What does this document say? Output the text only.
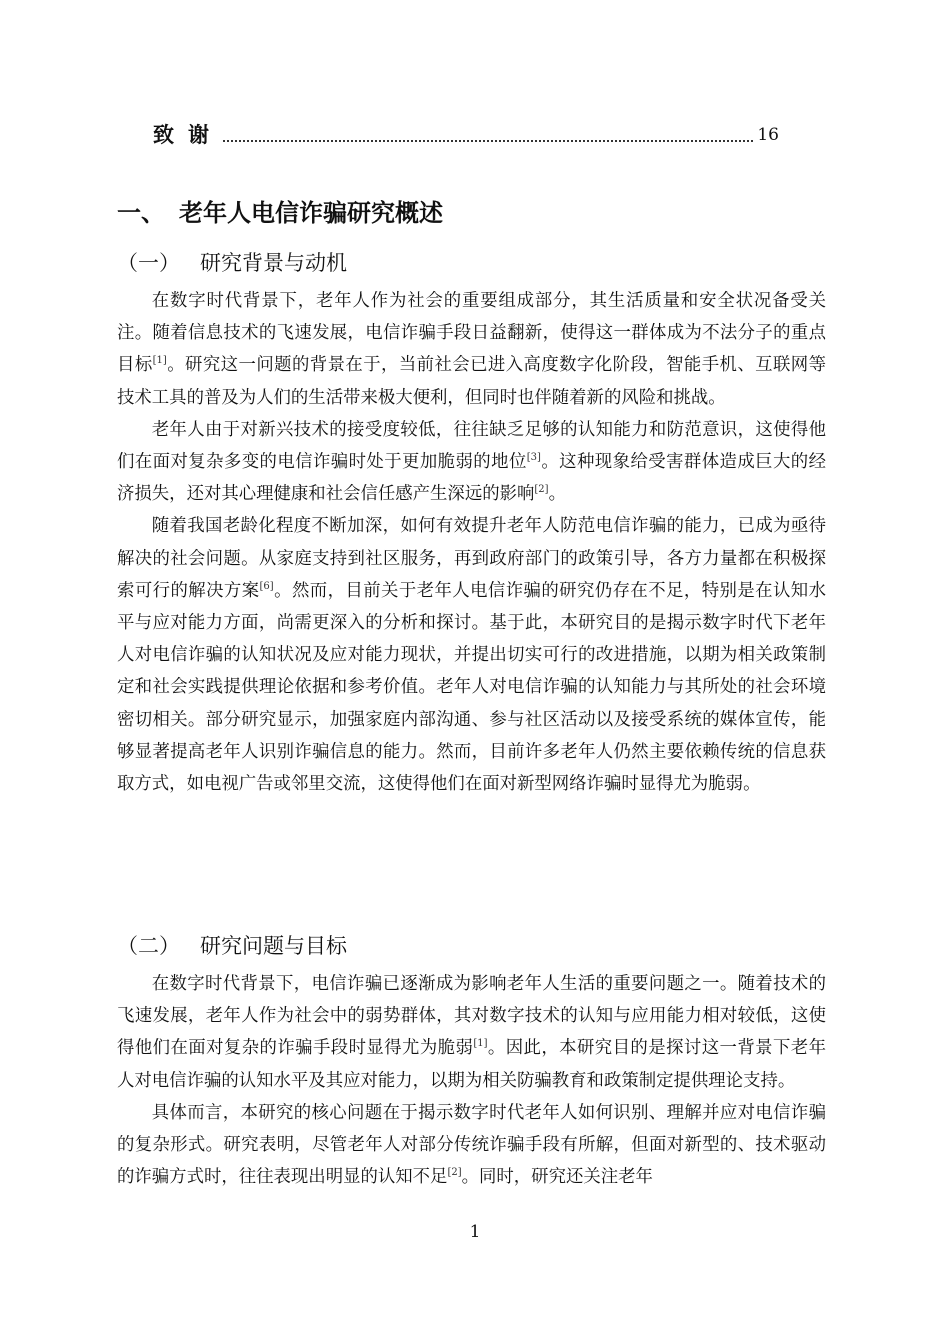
致谢	16
一、 老年人电信诈骗研究概述
（一） 研究背景与动机

在数字时代背景下，老年人作为社会的重要组成部分，其生活质量和安全状况备受关注。随着信息技术的飞速发展，电信诈骗手段日益翻新，使得这一群体成为不法分子的重点目标[1]。研究这一问题的背景在于，当前社会已进入高度数字化阶段，智能手机、互联网等技术工具的普及为人们的生活带来极大便利，但同时也伴随着新的风险和挑战。

老年人由于对新兴技术的接受度较低，往往缺乏足够的认知能力和防范意识，这使得他们在面对复杂多变的电信诈骗时处于更加脆弱的地位[3]。这种现象给受害群体造成巨大的经济损失，还对其心理健康和社会信任感产生深远的影响[2]。

随着我国老龄化程度不断加深，如何有效提升老年人防范电信诈骗的能力，已成为亟待解决的社会问题。从家庭支持到社区服务，再到政府部门的政策引导，各方力量都在积极探索可行的解决方案[6]。然而，目前关于老年人电信诈骗的研究仍存在不足，特别是在认知水平与应对能力方面，尚需更深入的分析和探讨。基于此，本研究目的是揭示数字时代下老年人对电信诈骗的认知状况及应对能力现状，并提出切实可行的改进措施，以期为相关政策制定和社会实践提供理论依据和参考价值。老年人对电信诈骗的认知能力与其所处的社会环境密切相关。部分研究显示，加强家庭内部沟通、参与社区活动以及接受系统的媒体宣传，能够显著提高老年人识别诈骗信息的能力。然而，目前许多老年人仍然主要依赖传统的信息获取方式，如电视广告或邻里交流，这使得他们在面对新型网络诈骗时显得尤为脆弱。

（二） 研究问题与目标

在数字时代背景下，电信诈骗已逐渐成为影响老年人生活的重要问题之一。随着技术的飞速发展，老年人作为社会中的弱势群体，其对数字技术的认知与应用能力相对较低，这使得他们在面对复杂的诈骗手段时显得尤为脆弱[1]。因此，本研究目的是探讨这一背景下老年人对电信诈骗的认知水平及其应对能力，以期为相关防骗教育和政策制定提供理论支持。

具体而言，本研究的核心问题在于揭示数字时代老年人如何识别、理解并应对电信诈骗的复杂形式。研究表明，尽管老年人对部分传统诈骗手段有所解，但面对新型的、技术驱动的诈骗方式时，往往表现出明显的认知不足[2]。同时，研究还关注老年

1
